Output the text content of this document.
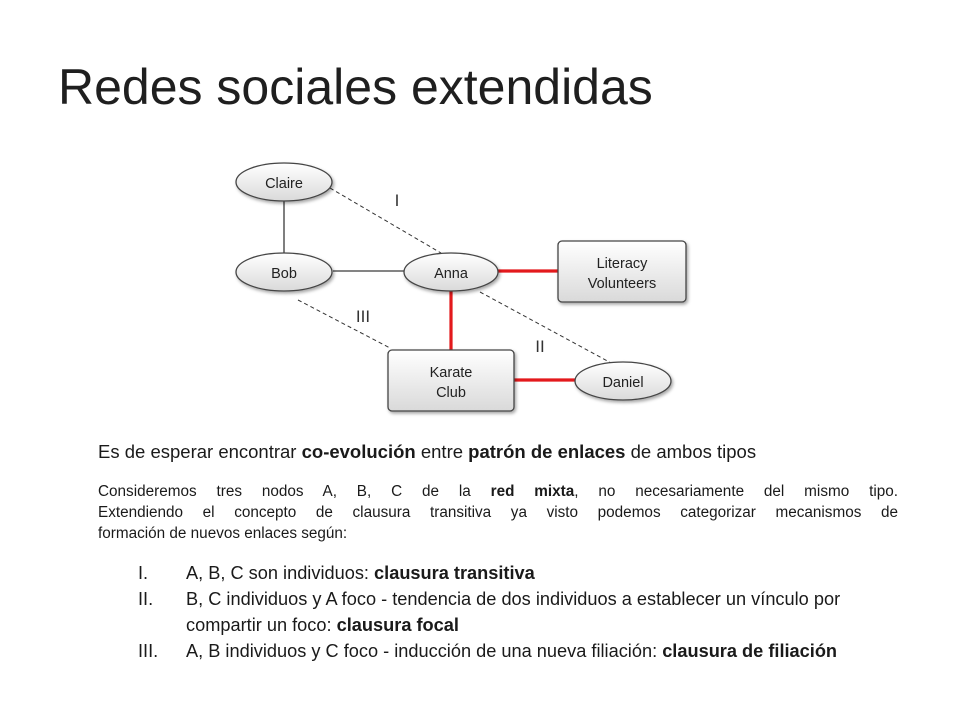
Redes sociales extendidas
Claire
Bob	Anna
Literacy
Volunteers
Karate
Club
Daniel
I
II
III
Es de esperar encontrar co-evolución entre patrón de enlaces de ambos tipos
Consideremos tres nodos A, B, C de la red mixta, no necesariamente del mismo tipo.
Extendiendo el concepto de clausura transitiva ya visto podemos categorizar mecanismos de
formación de nuevos enlaces según:
I.	A, B, C son individuos: clausura transitiva
II.	B, C individuos y A foco - tendencia de dos individuos a establecer un vínculo por compartir un foco: clausura focal
III.	A, B individuos y C foco - inducción de una nueva filiación: clausura de filiación
